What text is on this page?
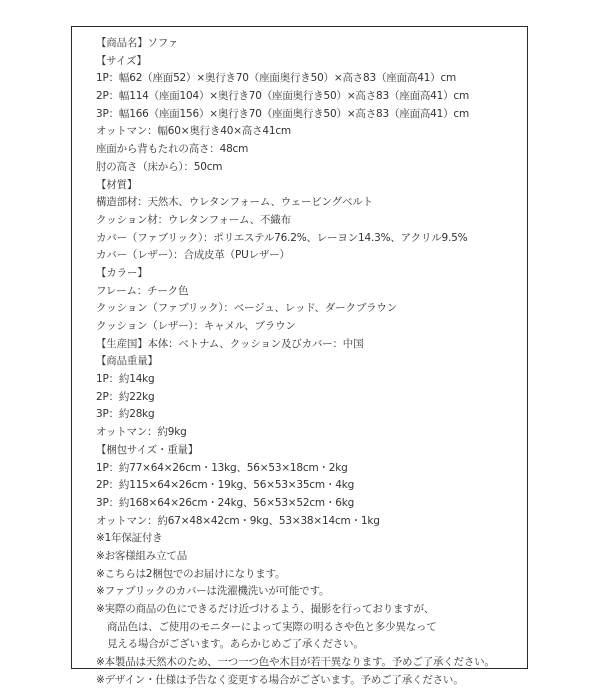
【商品名】ソファ
【サイズ】
1P：幅62（座面52）×奥行き70（座面奥行き50）×高さ83（座面高41）cm
2P：幅114（座面104）×奥行き70（座面奥行き50）×高さ83（座面高41）cm
3P：幅166（座面156）×奥行き70（座面奥行き50）×高さ83（座面高41）cm
オットマン：幅60×奥行き40×高さ41cm
座面から背もたれの高さ：48cm
肘の高さ（床から）：50cm
【材質】
構造部材：天然木、ウレタンフォーム、ウェービングベルト
クッション材：ウレタンフォーム、不織布
カバー（ファブリック）：ポリエステル76.2%、レーヨン14.3%、アクリル9.5%
カバー（レザー）：合成皮革（PUレザー）
【カラー】
フレーム：チーク色
クッション（ファブリック）：ベージュ、レッド、ダークブラウン
クッション（レザー）：キャメル、ブラウン
【生産国】本体：ベトナム、クッション及びカバー：中国
【商品重量】
1P：約14kg
2P：約22kg
3P：約28kg
オットマン：約9kg
【梱包サイズ・重量】
1P：約77×64×26cm・13kg、56×53×18cm・2kg
2P：約115×64×26cm・19kg、56×53×35cm・4kg
3P：約168×64×26cm・24kg、56×53×52cm・6kg
オットマン：約67×48×42cm・9kg、53×38×14cm・1kg
※1年保証付き
※お客様組み立て品
※こちらは2梱包でのお届けになります。
※ファブリックのカバーは洗濯機洗いが可能です。
※実際の商品の色にできるだけ近づけるよう、撮影を行っておりますが、
商品色は、ご使用のモニターによって実際の明るさや色と多少異なって
見える場合がございます。あらかじめご了承ください。
※本製品は天然木のため、一つ一つ色や木目が若干異なります。予めご了承ください。
※デザイン・仕様は予告なく変更する場合がございます。予めご了承ください。
